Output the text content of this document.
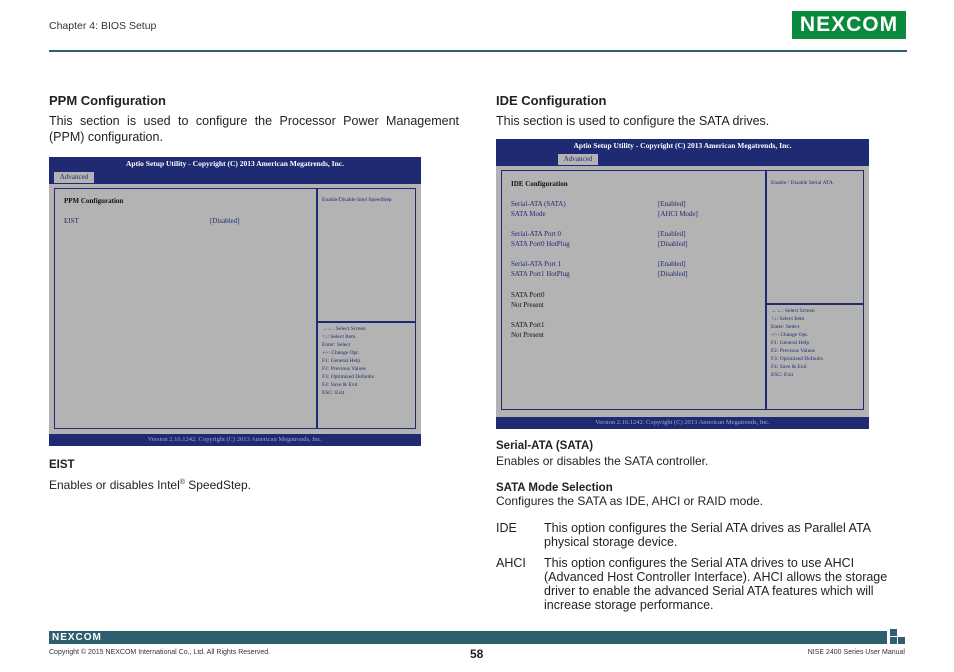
Chapter 4: BIOS Setup	NEXCOM
PPM Configuration
This section is used to configure the Processor Power Management (PPM) configuration.
Aptio Setup Utility - Copyright (C) 2013 American Megatrends, Inc.
Advanced
PPM Configuration
EIST	[Disabled]
Enable/Disable Intel SpeedStep
→←: Select Screen
↑↓: Select Item
Enter: Select
+/-: Change Opt.
F1: General Help
F2: Previous Values
F3: Optimized Defaults
F4: Save & Exit
ESC: Exit
Version 2.16.1242. Copyright (C) 2013 American Megatrends, Inc.
EIST
Enables or disables Intel® SpeedStep.
IDE Configuration
This section is used to configure the SATA drives.
Aptio Setup Utility - Copyright (C) 2013 American Megatrends, Inc.
Advanced
IDE Configuration
Serial-ATA (SATA)	[Enabled]
SATA Mode	[AHCI Mode]
Serial-ATA Port 0	[Enabled]
SATA Port0 HotPlug	[Disabled]
Serial-ATA Port 1	[Enabled]
SATA Port1 HotPlug	[Disabled]
SATA Port0
Not Present
SATA Port1
Not Present
Enable / Disable Serial ATA
→←: Select Screen
↑↓: Select Item
Enter: Select
+/-: Change Opt.
F1: General Help
F2: Previous Values
F3: Optimized Defaults
F4: Save & Exit
ESC: Exit
Version 2.16.1242. Copyright (C) 2013 American Megatrends, Inc.
Serial-ATA (SATA)
Enables or disables the SATA controller.
SATA Mode Selection
Configures the SATA as IDE, AHCI or RAID mode.
IDE This option configures the Serial ATA drives as Parallel ATA physical storage device.
AHCI This option configures the Serial ATA drives to use AHCI (Advanced Host Controller Interface). AHCI allows the storage driver to enable the advanced Serial ATA features which will increase storage performance.
NEXCOM
Copyright © 2015 NEXCOM International Co., Ltd. All Rights Reserved.	58	NISE 2400 Series User Manual
